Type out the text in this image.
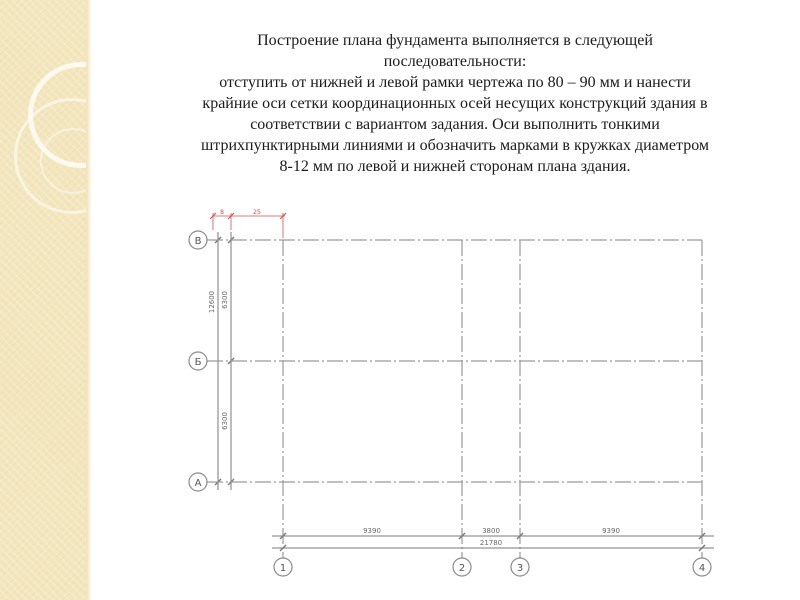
Построение плана фундамента выполняется в следующей
последовательности:
отступить от нижней и левой рамки чертежа по 80 – 90 мм и нанести
крайние оси сетки координационных осей несущих конструкций здания в
соответствии с вариантом задания. Оси выполнить тонкими
штрихпунктирными линиями и обозначить марками в кружках диаметром
8-12 мм по левой и нижней сторонам плана здания.
8	25
12600 6300
6300
9390	3800	9390
21780
В
Б
А
1	2	3	4
